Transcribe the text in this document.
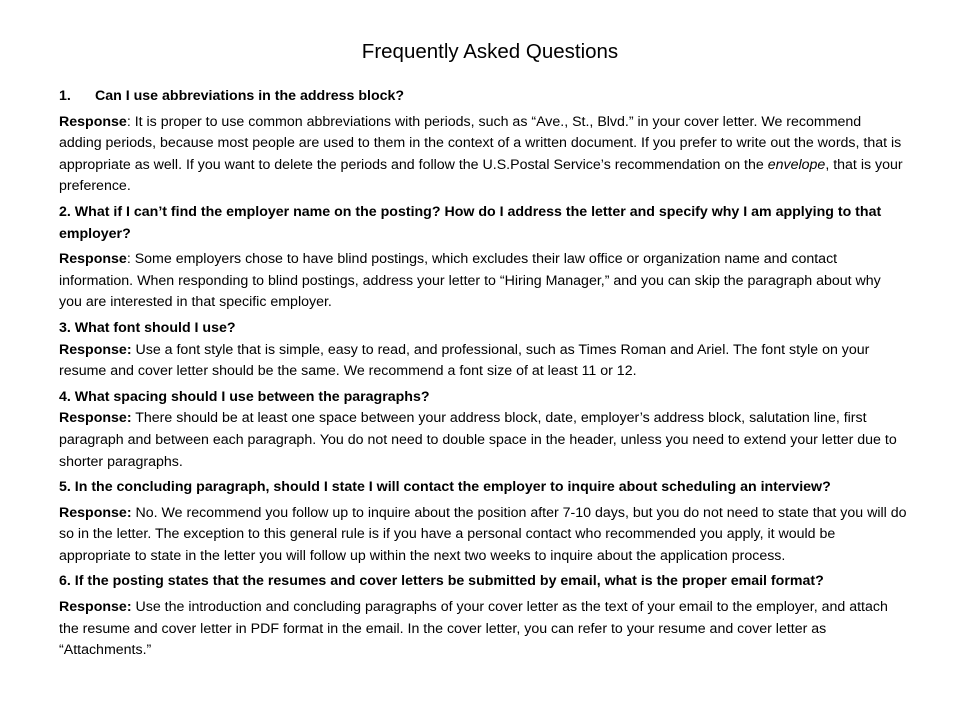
Frequently Asked Questions

1. Can I use abbreviations in the address block?

Response: It is proper to use common abbreviations with periods, such as “Ave., St., Blvd.” in your cover letter. We recommend adding periods, because most people are used to them in the context of a written document. If you prefer to write out the words, that is appropriate as well. If you want to delete the periods and follow the U.S.Postal Service’s recommendation on the envelope, that is your preference.

2. What if I can’t find the employer name on the posting? How do I address the letter and specify why I am applying to that employer?

Response: Some employers chose to have blind postings, which excludes their law office or organization name and contact information. When responding to blind postings, address your letter to “Hiring Manager,” and you can skip the paragraph about why you are interested in that specific employer.

3. What font should I use?
Response: Use a font style that is simple, easy to read, and professional, such as Times Roman and Ariel. The font style on your resume and cover letter should be the same. We recommend a font size of at least 11 or 12.

4. What spacing should I use between the paragraphs?
Response: There should be at least one space between your address block, date, employer’s address block, salutation line, first paragraph and between each paragraph. You do not need to double space in the header, unless you need to extend your letter due to shorter paragraphs.

5. In the concluding paragraph, should I state I will contact the employer to inquire about scheduling an interview?

Response: No. We recommend you follow up to inquire about the position after 7-10 days, but you do not need to state that you will do so in the letter. The exception to this general rule is if you have a personal contact who recommended you apply, it would be appropriate to state in the letter you will follow up within the next two weeks to inquire about the application process.

6. If the posting states that the resumes and cover letters be submitted by email, what is the proper email format?

Response: Use the introduction and concluding paragraphs of your cover letter as the text of your email to the employer, and attach the resume and cover letter in PDF format in the email. In the cover letter, you can refer to your resume and cover letter as “Attachments.”
